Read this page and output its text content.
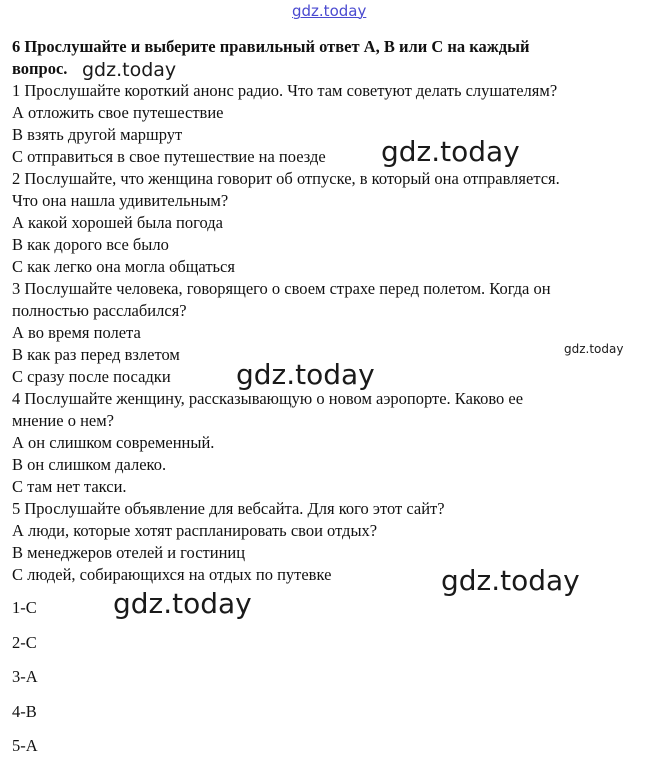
gdz.today
6 Прослушайте и выберите правильный ответ A, B или C на каждый
вопрос. gdz.today
1 Прослушайте короткий анонс радио. Что там советуют делать слушателям?
А отложить свое путешествие
В взять другой маршрут
С отправиться в свое путешествие на поезде gdz.today
2 Послушайте, что женщина говорит об отпуске, в который она отправляется.
Что она нашла удивительным?
А какой хорошей была погода
В как дорого все было
С как легко она могла общаться
3 Послушайте человека, говорящего о своем страхе перед полетом. Когда он
полностью расслабился?
А во время полета
В как раз перед взлетом	gdz.today
С сразу после посадки gdz.today
4 Послушайте женщину, рассказывающую о новом аэропорте. Каково ее
мнение о нем?
А он слишком современный.
В он слишком далеко.
С там нет такси.
5 Прослушайте объявление для вебсайта. Для кого этот сайт?
А люди, которые хотят распланировать свои отдых?
В менеджеров отелей и гостиниц
С людей, собирающихся на отдых по путевке	gdz.today
1-С	gdz.today
2-С
3-А
4-В
5-А
